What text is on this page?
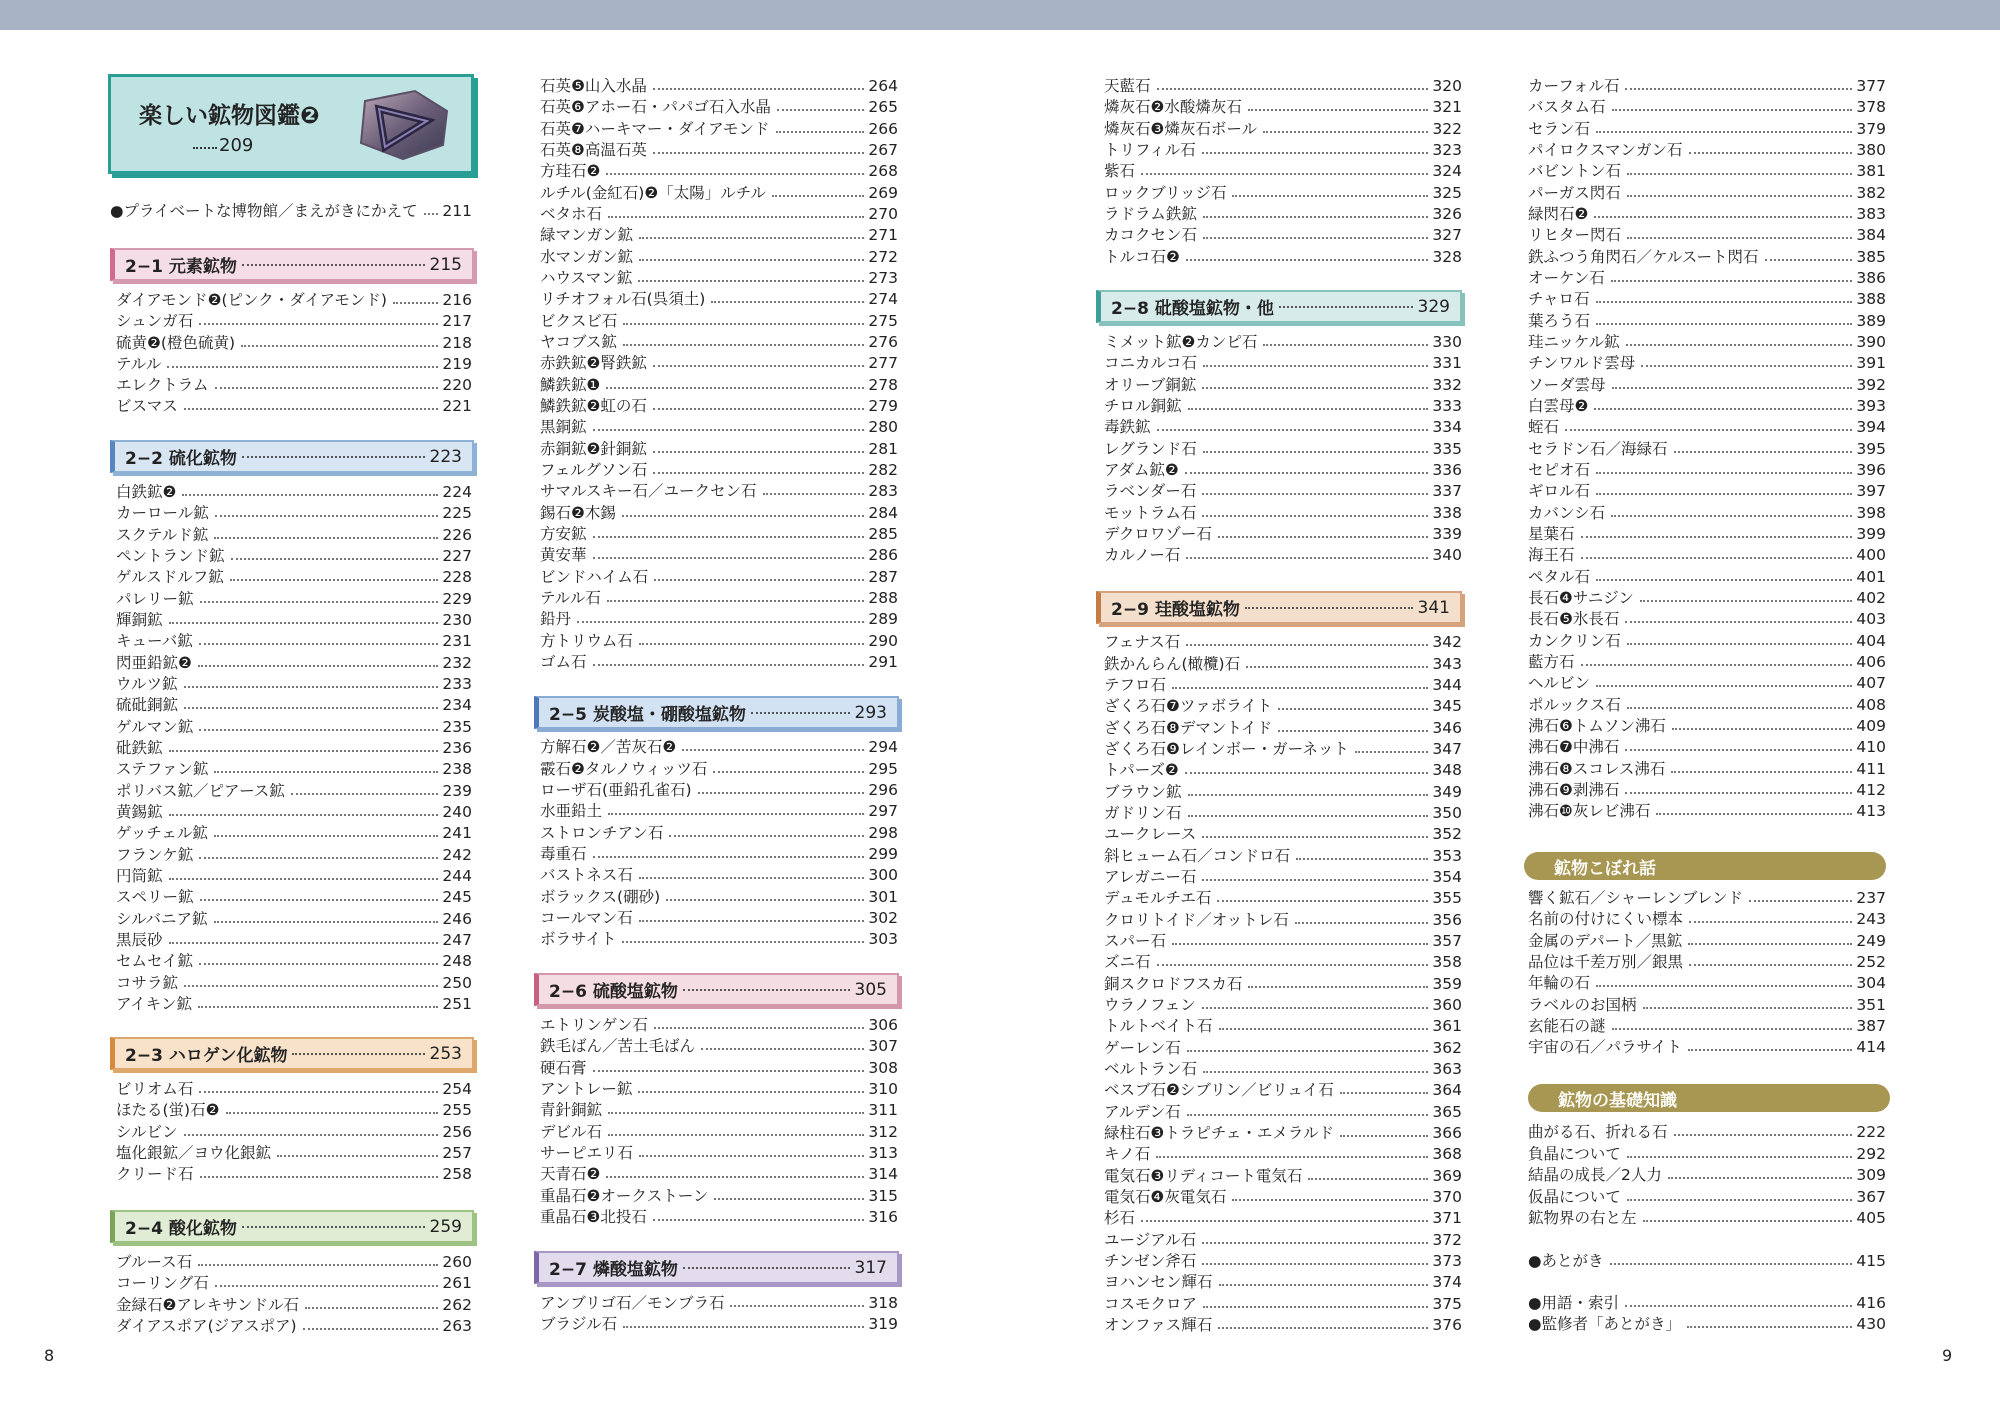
楽しい鉱物図鑑❷
209
●プライベートな博物館／まえがきにかえて 211
2−1 元素鉱物	215
ダイアモンド❷(ピンク・ダイアモンド)	216
シュンガ石	217
硫黄❷(橙色硫黄)	218
テルル	219
エレクトラム	220
ビスマス	221
2−2 硫化鉱物	223
白鉄鉱❷	224
カーロール鉱	225
スクテルド鉱	226
ペントランド鉱	227
ゲルスドルフ鉱	228
パレリー鉱	229
輝銅鉱	230
キューバ鉱	231
閃亜鉛鉱❷	232
ウルツ鉱	233
硫砒銅鉱	234
ゲルマン鉱	235
砒鉄鉱	236
ステファン鉱	238
ポリバス鉱／ピアース鉱	239
黄錫鉱	240
ゲッチェル鉱	241
フランケ鉱	242
円筒鉱	244
スペリー鉱	245
シルバニア鉱	246
黒辰砂	247
セムセイ鉱	248
コサラ鉱	250
アイキン鉱	251
2−3 ハロゲン化鉱物	253
ビリオム石	254
ほたる(蛍)石❷	255
シルビン	256
塩化銀鉱／ヨウ化銀鉱	257
クリード石	258
2−4 酸化鉱物	259
ブルース石	260
コーリング石	261
金緑石❷アレキサンドル石	262
ダイアスポア(ジアスポア)	263
石英❺山入水晶	264
石英❻アホー石・パパゴ石入水晶	265
石英❼ハーキマー・ダイアモンド	266
石英❽高温石英	267
方珪石❷	268
ルチル(金紅石)❷「太陽」ルチル	269
ベタホ石	270
緑マンガン鉱	271
水マンガン鉱	272
ハウスマン鉱	273
リチオフォル石(呉須土)	274
ビクスビ石	275
ヤコブス鉱	276
赤鉄鉱❷腎鉄鉱	277
鱗鉄鉱❶	278
鱗鉄鉱❷虹の石	279
黒銅鉱	280
赤銅鉱❷針銅鉱	281
フェルグソン石	282
サマルスキー石／ユークセン石	283
錫石❷木錫	284
方安鉱	285
黄安華	286
ビンドハイム石	287
テルル石	288
鉛丹	289
方トリウム石	290
ゴム石	291
2−5 炭酸塩・硼酸塩鉱物	293
方解石❷／苦灰石❷	294
霰石❷タルノウィッツ石	295
ローザ石(亜鉛孔雀石)	296
水亜鉛土	297
ストロンチアン石	298
毒重石	299
バストネス石	300
ボラックス(硼砂)	301
コールマン石	302
ボラサイト	303
2−6 硫酸塩鉱物	305
エトリンゲン石	306
鉄毛ばん／苦土毛ばん	307
硬石膏	308
アントレー鉱	310
青針銅鉱	311
デビル石	312
サーピエリ石	313
天青石❷	314
重晶石❷オークストーン	315
重晶石❸北投石	316
2−7 燐酸塩鉱物	317
アンブリゴ石／モンブラ石	318
ブラジル石	319
天藍石	320
燐灰石❷水酸燐灰石	321
燐灰石❸燐灰石ボール	322
トリフィル石	323
紫石	324
ロックブリッジ石	325
ラドラム鉄鉱	326
カコクセン石	327
トルコ石❷	328
2−8 砒酸塩鉱物・他	329
ミメット鉱❷カンピ石	330
コニカルコ石	331
オリーブ銅鉱	332
チロル銅鉱	333
毒鉄鉱	334
レグランド石	335
アダム鉱❷	336
ラベンダー石	337
モットラム石	338
デクロワゾー石	339
カルノー石	340
2−9 珪酸塩鉱物	341
フェナス石	342
鉄かんらん(橄欖)石	343
テフロ石	344
ざくろ石❼ツァボライト	345
ざくろ石❽デマントイド	346
ざくろ石❾レインボー・ガーネット	347
トパーズ❷	348
ブラウン鉱	349
ガドリン石	350
ユークレース	352
斜ヒューム石／コンドロ石	353
アレガニー石	354
デュモルチエ石	355
クロリトイド／オットレ石	356
スパー石	357
ズニ石	358
銅スクロドフスカ石	359
ウラノフェン	360
トルトベイト石	361
ゲーレン石	362
ベルトラン石	363
ベスブ石❷シブリン／ビリュイ石	364
アルデン石	365
緑柱石❸トラピチェ・エメラルド	366
キノ石	368
電気石❸リディコート電気石	369
電気石❹灰電気石	370
杉石	371
ユージアル石	372
チンゼン斧石	373
ヨハンセン輝石	374
コスモクロア	375
オンファス輝石	376
カーフォル石	377
バスタム石	378
セラン石	379
パイロクスマンガン石	380
バビントン石	381
パーガス閃石	382
緑閃石❷	383
リヒター閃石	384
鉄ふつう角閃石／ケルスート閃石	385
オーケン石	386
チャロ石	388
葉ろう石	389
珪ニッケル鉱	390
チンワルド雲母	391
ソーダ雲母	392
白雲母❷	393
蛭石	394
セラドン石／海緑石	395
セピオ石	396
ギロル石	397
カバンシ石	398
星葉石	399
海王石	400
ペタル石	401
長石❹サニジン	402
長石❺氷長石	403
カンクリン石	404
藍方石	406
ヘルビン	407
ポルックス石	408
沸石❻トムソン沸石	409
沸石❼中沸石	410
沸石❽スコレス沸石	411
沸石❾剥沸石	412
沸石❿灰レビ沸石	413
鉱物こぼれ話
響く鉱石／シャーレンブレンド	237
名前の付けにくい標本	243
金属のデパート／黒鉱	249
品位は千差万別／銀黒	252
年輪の石	304
ラベルのお国柄	351
玄能石の謎	387
宇宙の石／パラサイト	414
鉱物の基礎知識
曲がる石、折れる石	222
負晶について	292
結晶の成長／2人力	309
仮晶について	367
鉱物界の右と左	405
●あとがき	415
●用語・索引	416
●監修者「あとがき」	430
8	9
